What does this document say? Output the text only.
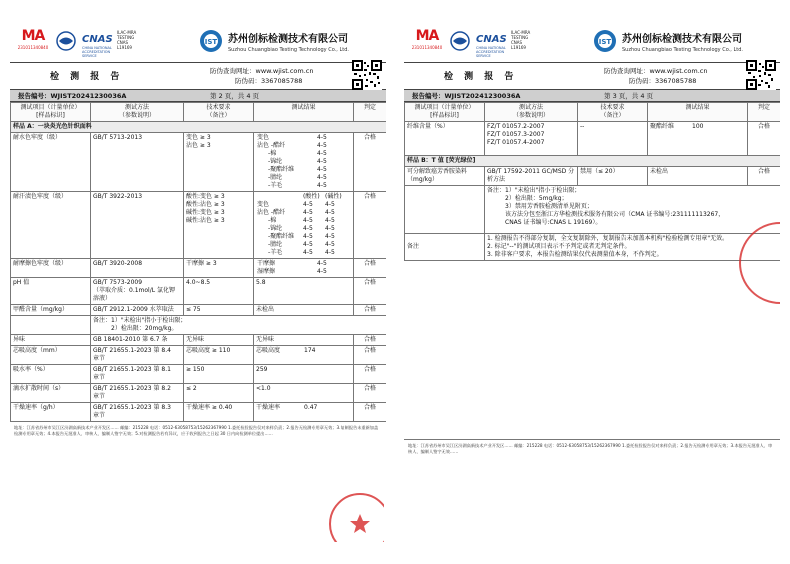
MA
231011340840
CNAS
CHINA NATIONAL ACCREDITATION SERVICE
ILAC-MRA TESTING CNAS L19169
IST 苏州创标检测技术有限公司
Suzhou Chuangbiao Testing Technology Co., Ltd.
检 测 报 告
防伪查询网址：www.wjist.com.cn
防伪码：3367085788
报告编号：WJIST20241230036A	第 2 页，共 4 页
测试项目（计量单位）
[样品标识]	测试方法
（参数说明）	技术要求
（备注）	测试结果	判定
样品 A：一块炎光色针织面料
耐水色牢度（级）	GB/T 5713-2013	变色 ≥ 3
沾色 ≥ 3

变色	4-5
沾色 -醋纤	4-5
-棉	4-5
-锦纶	4-5
-聚酯纤维	4-5
-腈纶	4-5
-羊毛	4-5
	合格
耐汗渍色牢度（级）	GB/T 3922-2013	酸性:变色 ≥ 3
酸性:沾色 ≥ 3
碱性:变色 ≥ 3
碱性:沾色 ≥ 3

	(酸性)	(碱性)
变色	4-5	4-5
沾色 -醋纤	4-5	4-5
-棉	4-5	4-5
-锦纶	4-5	4-5
-聚酯纤维	4-5	4-5
-腈纶	4-5	4-5
-羊毛	4-5	4-5
	合格
耐摩擦色牢度（级）	GB/T 3920-2008	干摩擦 ≥ 3		干摩擦	4-5
湿摩擦	4-5
	合格
pH 值	GB/T 7573-2009
（萃取介质：0.1mol/L 氯化钾
溶液）
	4.0~8.5	5.8	合格
甲醛含量（mg/kg）	GB/T 2912.1-2009 水萃取法	≤ 75	未检出	合格

备注：1）"未检出"指小于检出限；
2）检出限：20mg/kg。

异味	GB 18401-2010 第 6.7 条	无异味	无异味	合格
芯吸高度（mm）	GB/T 21655.1-2023 第 8.4
章节
	芯吸高度 ≥ 110	芯吸高度	174	合格
吸水率（%）	GB/T 21655.1-2023 第 8.1
章节
	≥ 150	259	合格
滴水扩散时间（s）	GB/T 21655.1-2023 第 8.2
章节
	≤ 2	<1.0	合格
干燥速率（g/h）	GB/T 21655.1-2023 第 8.3
章节
	干燥速率 ≥ 0.40	干燥速率	0.47	合格
地址：江苏省苏州市吴江区汾湖高新技术产业开发区…… 邮编：215228 电话：0512-63058753/15262367990 1.委托检验报告仅对来样负责；2.报告无检测专用章无效；3.复制报告未重新加盖检测专用章无效；4.本报告无批准人、审核人、编制人签字无效；5.对检测报告若有异议，应于收到报告之日起 30 日内向检测单位提出……
MA
231011340840
CNAS
CHINA NATIONAL ACCREDITATION SERVICE
ILAC-MRA TESTING CNAS L19169
IST 苏州创标检测技术有限公司
Suzhou Chuangbiao Testing Technology Co., Ltd.
检 测 报 告
防伪查询网址：www.wjist.com.cn
防伪码：3367085788
报告编号：WJIST20241230036A	第 3 页，共 4 页
测试项目（计量单位）
[样品标识]	测试方法
（参数说明）	技术要求
（备注）	测试结果	判定
纤维含量（%）	FZ/T 01057.2-2007
FZ/T 01057.3-2007
FZ/T 01057.4-2007	--	聚酯纤维 100	合格
样品 B：T 值 [荧光绿位]				
可分解致癌芳香胺染料（mg/kg）	GB/T 17592-2011 GC/MSD 分析方法	禁用（≤ 20）	未检出	合格

	备注：1）"未检出"指小于检出限；
2）检出限：5mg/kg；
3）禁用芳香胺检测清单见附页；
该方法分包至浙江方华检测技术服务有限公司（CMA 证书编号:231111113267，
CNAS 证书编号:CNAS L 19169）。			

备注	1. 检测报告不得部分复制，全文复制除外，复制报告未加盖本机构"检验检测专用章"无效。
2. 标记"--"的测试项目表示不予判定或者无判定条件。
3. 除非客户要求，本报告检测结果仅代表测量值本身，不作判定。			
地址：江苏省苏州市吴江区汾湖高新技术产业开发区…… 邮编：215228 电话：0512-63058753/15262367990 1.委托检验报告仅对来样负责；2.报告无检测专用章无效；3.本报告无批准人、审核人、编制人签字无效……
